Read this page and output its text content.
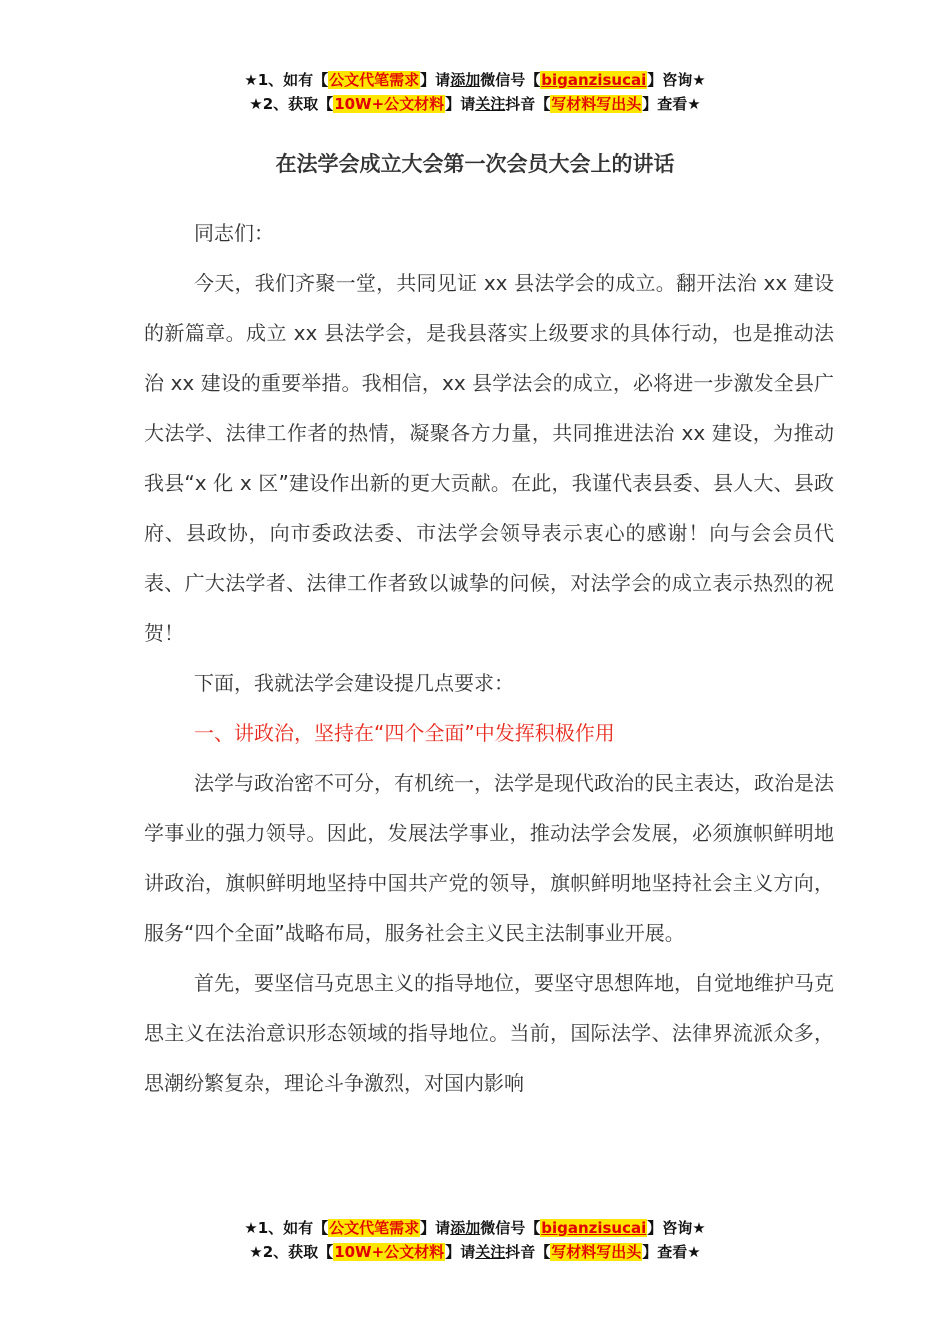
★1、如有【公文代笔需求】请添加微信号【biganzisucai】咨询★
★2、获取【10W+公文材料】请关注抖音【写材料写出头】查看★
在法学会成立大会第一次会员大会上的讲话

同志们：

今天，我们齐聚一堂，共同见证 xx 县法学会的成立。翻开法治 xx 建设的新篇章。成立 xx 县法学会，是我县落实上级要求的具体行动，也是推动法治 xx 建设的重要举措。我相信，xx 县学法会的成立，必将进一步激发全县广大法学、法律工作者的热情，凝聚各方力量，共同推进法治 xx 建设，为推动我县“x 化 x 区”建设作出新的更大贡献。在此，我谨代表县委、县人大、县政府、县政协，向市委政法委、市法学会领导表示衷心的感谢！向与会会员代表、广大法学者、法律工作者致以诚挚的问候，对法学会的成立表示热烈的祝贺！

下面，我就法学会建设提几点要求：

一、讲政治，坚持在“四个全面”中发挥积极作用

法学与政治密不可分，有机统一，法学是现代政治的民主表达，政治是法学事业的强力领导。因此，发展法学事业，推动法学会发展，必须旗帜鲜明地讲政治，旗帜鲜明地坚持中国共产党的领导，旗帜鲜明地坚持社会主义方向，服务“四个全面”战略布局，服务社会主义民主法制事业开展。

首先，要坚信马克思主义的指导地位，要坚守思想阵地，自觉地维护马克思主义在法治意识形态领域的指导地位。当前，国际法学、法律界流派众多，思潮纷繁复杂，理论斗争激烈，对国内影响

★1、如有【公文代笔需求】请添加微信号【biganzisucai】咨询★
★2、获取【10W+公文材料】请关注抖音【写材料写出头】查看★
